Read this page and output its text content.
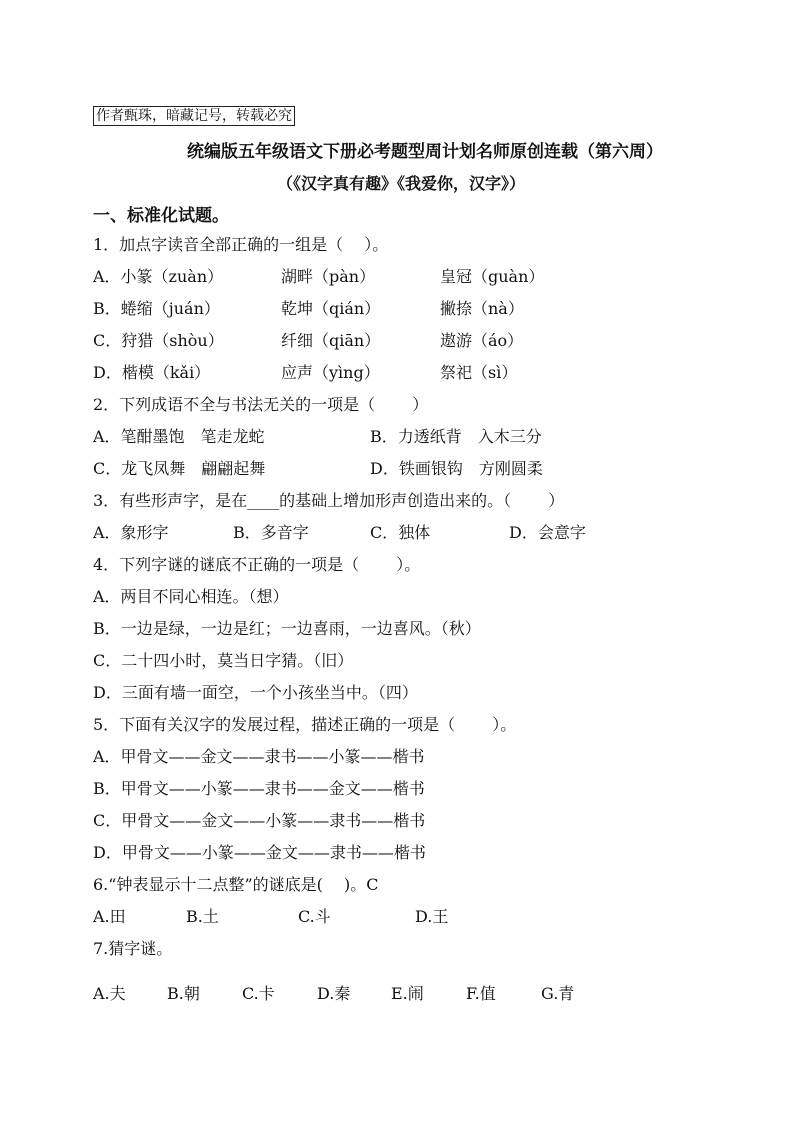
作者甄珠，暗藏记号，转载必究
统编版五年级语文下册必考题型周计划名师原创连载（第六周）
（《汉字真有趣》《我爱你，汉字》）
一、标准化试题。
1．加点字读音全部正确的一组是（　 ）。
A．小篆（zuàn）	湖畔（pàn）	皇冠（guàn）
B．蜷缩（juán）	乾坤（qián）	撇捺（nà）
C．狩猎（shòu）	纤细（qiān）	遨游（áo）
D．楷模（kǎi）	应声（yìng）	祭祀（sì）
2．下列成语不全与书法无关的一项是（　 　）
A．笔酣墨饱　笔走龙蛇	B．力透纸背　入木三分
C．龙飞凤舞　翩翩起舞	D．铁画银钩　方刚圆柔
3．有些形声字，是在____的基础上增加形声创造出来的。（　 　）
A．象形字	B．多音字	C．独体	D．会意字
4．下列字谜的谜底不正确的一项是（　 　）。
A．两目不同心相连。（想）
B．一边是绿，一边是红；一边喜雨，一边喜风。（秋）
C．二十四小时，莫当日字猜。（旧）
D．三面有墙一面空，一个小孩坐当中。（四）
5．下面有关汉字的发展过程，描述正确的一项是（　　 ）。
A．甲骨文——金文——隶书——小篆——楷书
B．甲骨文——小篆——隶书——金文——楷书
C．甲骨文——金文——小篆——隶书——楷书
D．甲骨文——小篆——金文——隶书——楷书
6.“钟表显示十二点整”的谜底是(　 )。C
A.田	B.土	C.斗	D.王
7.猜字谜。
A.夫	B.朝	C.卡	D.秦	E.闹	F.值	G.青
